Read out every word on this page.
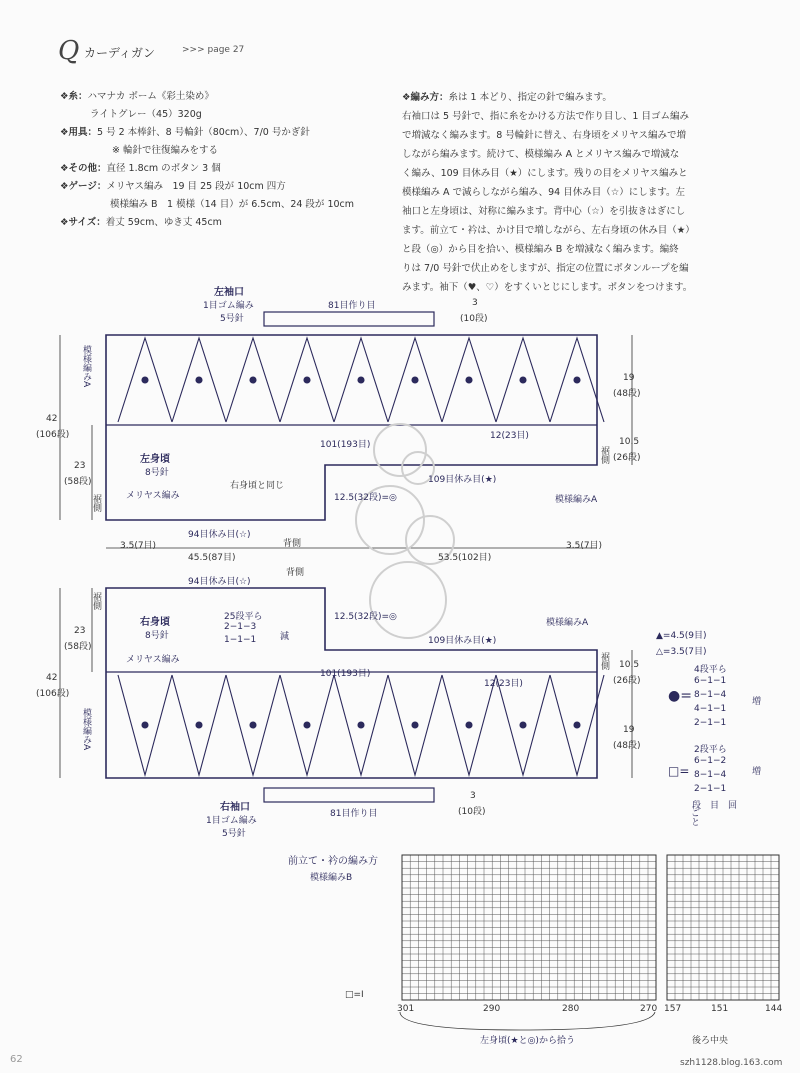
Q カーディガン	>>> page 27
❖糸：ハマナカ ボーム《彩土染め》
ライトグレー（45）320g
❖用具：5 号 2 本棒針、8 号輪針（80cm）、7/0 号かぎ針
※ 輪針で往復編みをする
❖その他：直径 1.8cm のボタン 3 個
❖ゲージ：メリヤス編み　19 目 25 段が 10cm 四方
模様編み B　1 模様（14 目）が 6.5cm、24 段が 10cm
❖サイズ：着丈 59cm、ゆき丈 45cm
❖編み方：糸は 1 本どり、指定の針で編みます。
右袖口は 5 号針で、指に糸をかける方法で作り目し、1 目ゴム編み
で増減なく編みます。8 号輪針に替え、右身頃をメリヤス編みで増
しながら編みます。続けて、模様編み A とメリヤス編みで増減な
く編み、109 目休み目（★）にします。残りの目をメリヤス編みと
模様編み A で減らしながら編み、94 目休み目（☆）にします。左
袖口と左身頃は、対称に編みます。背中心（☆）を引抜きはぎにし
ます。前立て・衿は、かけ目で増しながら、左右身頃の休み目（★）
と段（◎）から目を拾い、模様編み B を増減なく編みます。編終
りは 7/0 号針で伏止めをしますが、指定の位置にボタンループを編
みます。袖下（♥、♡）をすくいとじにします。ボタンをつけます。
左袖口
1目ゴム編み
5号針
81目作り目	3
(10段)
42
(106段)
23
(58段)
裾側
模様編みA	19
(48段)
101(193目)
12(23目)
10.5
(26段)
裾側
左身頃
8号針
メリヤス編み
右身頃と同じ
109目休み目(★)
12.5(32段)=◎	模様編みA
94目休み目(☆)
3.5(7目)	背側
45.5(87目)	53.5(102目)
3.5(7目)
背側
94目休み目(☆)
裾側
23
(58段)
42
(106段)
模様編みA
右身頃
8号針
25段平ら
2−1−3
1−1−1	減
12.5(32段)=◎
模様編みA
メリヤス編み
109目休み目(★)
裾側
101(193目)
12(23目)
10.5
(26段)
19
(48段)
右袖口
1目ゴム編み
5号針
81目作り目
3
(10段)
▲=4.5(9目)
△=3.5(7目)
●=
4段平ら
6−1−1
8−1−4
4−1−1
2−1−1
増
□=
2段平ら
6−1−2
8−1−4
2−1−1
増
段 目 回
ごと
前立て・衿の編み方
模様編みB
□=Ⅰ
301	290	280	270 157	151	144
左身頃(★と◎)から拾う	後ろ中央
62	szh1128.blog.163.com
